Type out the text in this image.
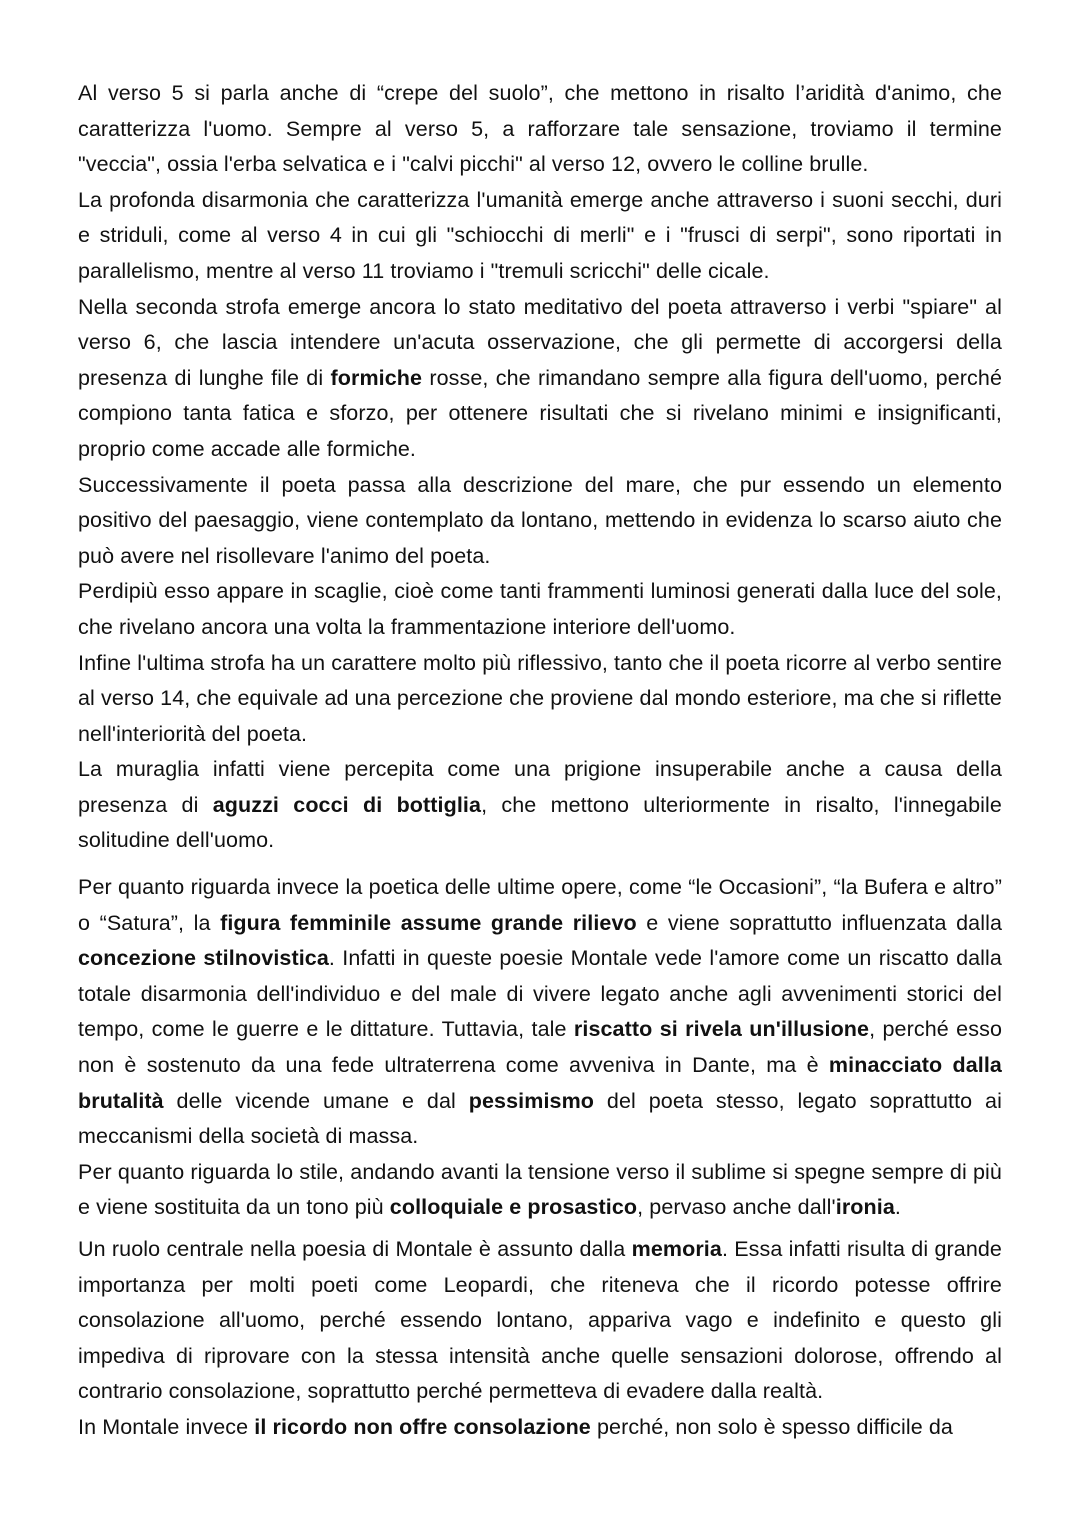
Al verso 5 si parla anche di “crepe del suolo”, che mettono in risalto l’aridità d'animo, che caratterizza l'uomo. Sempre al verso 5, a rafforzare tale sensazione, troviamo il termine "veccia", ossia l'erba selvatica e i "calvi picchi" al verso 12, ovvero le colline brulle.

La profonda disarmonia che caratterizza l'umanità emerge anche attraverso i suoni secchi, duri e striduli, come al verso 4 in cui gli "schiocchi di merli" e i "frusci di serpi", sono riportati in parallelismo, mentre al verso 11 troviamo i "tremuli scricchi" delle cicale.

Nella seconda strofa emerge ancora lo stato meditativo del poeta attraverso i verbi "spiare" al verso 6, che lascia intendere un'acuta osservazione, che gli permette di accorgersi della presenza di lunghe file di formiche rosse, che rimandano sempre alla figura dell'uomo, perché compiono tanta fatica e sforzo, per ottenere risultati che si rivelano minimi e insignificanti, proprio come accade alle formiche.

Successivamente il poeta passa alla descrizione del mare, che pur essendo un elemento positivo del paesaggio, viene contemplato da lontano, mettendo in evidenza lo scarso aiuto che può avere nel risollevare l'animo del poeta.

Perdipiù esso appare in scaglie, cioè come tanti frammenti luminosi generati dalla luce del sole, che rivelano ancora una volta la frammentazione interiore dell'uomo.

Infine l'ultima strofa ha un carattere molto più riflessivo, tanto che il poeta ricorre al verbo sentire al verso 14, che equivale ad una percezione che proviene dal mondo esteriore, ma che si riflette nell'interiorità del poeta.

La muraglia infatti viene percepita come una prigione insuperabile anche a causa della presenza di aguzzi cocci di bottiglia, che mettono ulteriormente in risalto, l'innegabile solitudine dell'uomo.

Per quanto riguarda invece la poetica delle ultime opere, come “le Occasioni”, “la Bufera e altro” o “Satura”, la figura femminile assume grande rilievo e viene soprattutto influenzata dalla concezione stilnovistica. Infatti in queste poesie Montale vede l'amore come un riscatto dalla totale disarmonia dell'individuo e del male di vivere legato anche agli avvenimenti storici del tempo, come le guerre e le dittature. Tuttavia, tale riscatto si rivela un'illusione, perché esso non è sostenuto da una fede ultraterrena come avveniva in Dante, ma è minacciato dalla brutalità delle vicende umane e dal pessimismo del poeta stesso, legato soprattutto ai meccanismi della società di massa.

Per quanto riguarda lo stile, andando avanti la tensione verso il sublime si spegne sempre di più e viene sostituita da un tono più colloquiale e prosastico, pervaso anche dall'ironia.

Un ruolo centrale nella poesia di Montale è assunto dalla memoria. Essa infatti risulta di grande importanza per molti poeti come Leopardi, che riteneva che il ricordo potesse offrire consolazione all'uomo, perché essendo lontano, appariva vago e indefinito e questo gli impediva di riprovare con la stessa intensità anche quelle sensazioni dolorose, offrendo al contrario consolazione, soprattutto perché permetteva di evadere dalla realtà.

In Montale invece il ricordo non offre consolazione perché, non solo è spesso difficile da
